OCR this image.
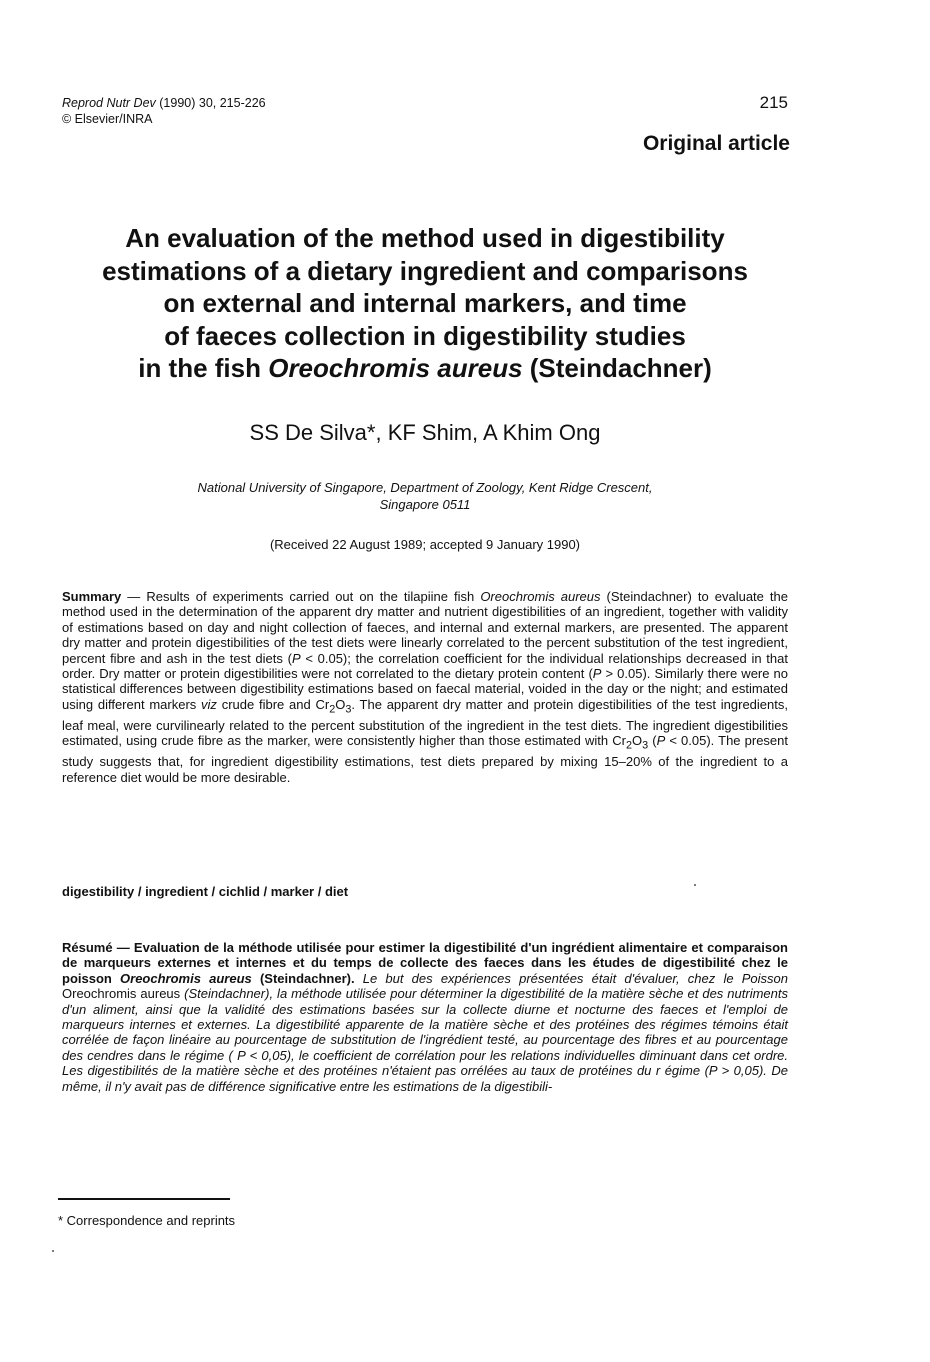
Reprod Nutr Dev (1990) 30, 215-226
© Elsevier/INRA
215
Original article
An evaluation of the method used in digestibility
estimations of a dietary ingredient and comparisons
on external and internal markers, and time
of faeces collection in digestibility studies
in the fish Oreochromis aureus (Steindachner)
SS De Silva*, KF Shim, A Khim Ong
National University of Singapore, Department of Zoology, Kent Ridge Crescent,
Singapore 0511
(Received 22 August 1989; accepted 9 January 1990)
Summary — Results of experiments carried out on the tilapiine fish Oreochromis aureus (Steindachner) to evaluate the method used in the determination of the apparent dry matter and nutrient digestibilities of an ingredient, together with validity of estimations based on day and night collection of faeces, and internal and external markers, are presented. The apparent dry matter and protein digestibilities of the test diets were linearly correlated to the percent substitution of the test ingredient, percent fibre and ash in the test diets (P < 0.05); the correlation coefficient for the individual relationships decreased in that order. Dry matter or protein digestibilities were not correlated to the dietary protein content (P > 0.05). Similarly there were no statistical differences between digestibility estimations based on faecal material, voided in the day or the night; and estimated using different markers viz crude fibre and $Cr_2O_3$. The apparent dry matter and protein digestibilities of the test ingredients, leaf meal, were curvilinearly related to the percent substitution of the ingredient in the test diets. The ingredient digestibilities estimated, using crude fibre as the marker, were consistently higher than those estimated with $Cr_2O_3$ (P < 0.05). The present study suggests that, for ingredient digestibility estimations, test diets prepared by mixing 15–20% of the ingredient to a reference diet would be more desirable.
digestibility / ingredient / cichlid / marker / diet
Résumé — Evaluation de la méthode utilisée pour estimer la digestibilité d'un ingrédient alimentaire et comparaison de marqueurs externes et internes et du temps de collecte des faeces dans les études de digestibilité chez le poisson Oreochromis aureus (Steindachner). Le but des expériences présentées était d'évaluer, chez le Poisson Oreochromis aureus (Steindachner), la méthode utilisée pour déterminer la digestibilité de la matière sèche et des nutriments d'un aliment, ainsi que la validité des estimations basées sur la collecte diurne et nocturne des faeces et l'emploi de marqueurs internes et externes. La digestibilité apparente de la matière sèche et des protéines des régimes témoins était corrélée de façon linéaire au pourcentage de substitution de l'ingrédient testé, au pourcentage des fibres et au pourcentage des cendres dans le régime ( P < 0,05), le coefficient de corrélation pour les relations individuelles diminuant dans cet ordre. Les digestibilités de la matière sèche et des protéines n'étaient pas orrélées au taux de protéines du r égime (P > 0,05). De même, il n'y avait pas de différence significative entre les estimations de la digestibili-
* Correspondence and reprints
